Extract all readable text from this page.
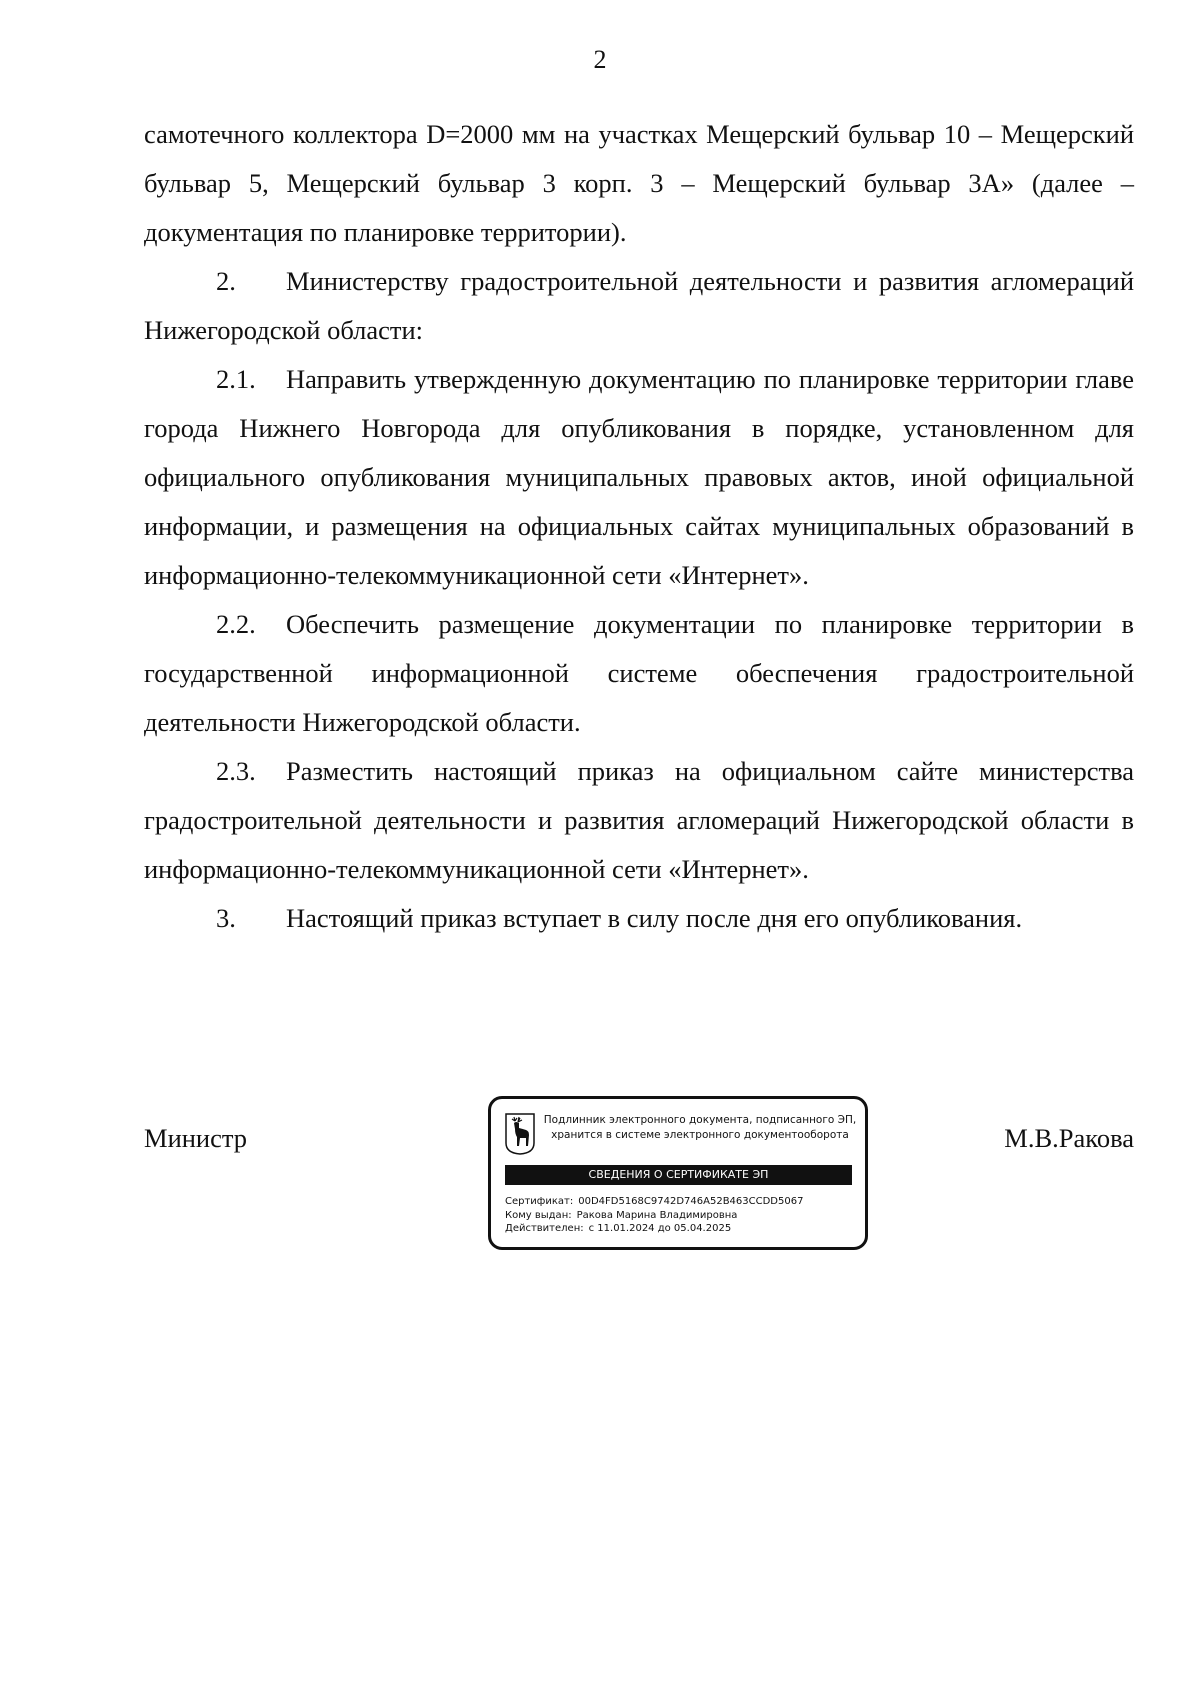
2

самотечного коллектора D=2000 мм на участках Мещерский бульвар 10 – Мещерский бульвар 5, Мещерский бульвар 3 корп. 3 – Мещерский бульвар 3А» (далее – документация по планировке территории).

2. Министерству градостроительной деятельности и развития агломераций Нижегородской области:

2.1. Направить утвержденную документацию по планировке территории главе города Нижнего Новгорода для опубликования в порядке, установленном для официального опубликования муниципальных правовых актов, иной официальной информации, и размещения на официальных сайтах муниципальных образований в информационно-телекоммуникационной сети «Интернет».

2.2. Обеспечить размещение документации по планировке территории в государственной информационной системе обеспечения градостроительной деятельности Нижегородской области.

2.3. Разместить настоящий приказ на официальном сайте министерства градостроительной деятельности и развития агломераций Нижегородской области в информационно-телекоммуникационной сети «Интернет».

3. Настоящий приказ вступает в силу после дня его опубликования.

Министр
Подлинник электронного документа, подписанного ЭП,
хранится в системе электронного документооборота
СВЕДЕНИЯ О СЕРТИФИКАТЕ ЭП
Сертификат: 00D4FD5168C9742D746A52B463CCDD5067
Кому выдан: Ракова Марина Владимировна
Действителен: с 11.01.2024 до 05.04.2025
М.В.Ракова
